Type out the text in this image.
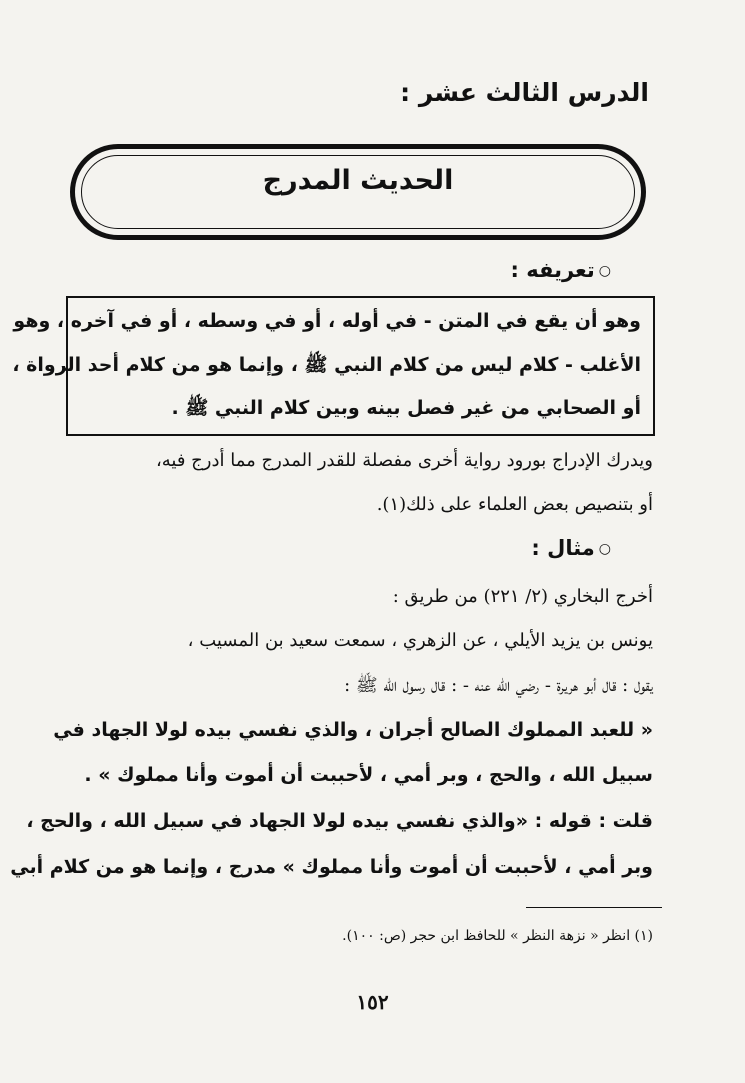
الدرس الثالث عشر :
الحديث المدرج
○تعريفه :
وهو أن يقع في المتن - في أوله ، أو في وسطه ، أو في آخره ، وهو
الأغلب - كلام ليس من كلام النبي ﷺ ، وإنما هو من كلام أحد الرواة ،
أو الصحابي من غير فصل بينه وبين كلام النبي ﷺ .
ويدرك الإدراج بورود رواية أخرى مفصلة للقدر المدرج مما أدرج فيه،
أو بتنصيص بعض العلماء على ذلك(١).
○مثال :
أخرج البخاري (٢/ ٢٢١) من طريق :
يونس بن يزيد الأيلي ، عن الزهري ، سمعت سعيد بن المسيب ،
يقول : قال أبو هريرة - رضي الله عنه - : قال رسول الله ﷺ :
« للعبد المملوك الصالح أجران ، والذي نفسي بيده لولا الجهاد في
سبيل الله ، والحج ، وبر أمي ، لأحببت أن أموت وأنا مملوك » .
قلت : قوله : «والذي نفسي بيده لولا الجهاد في سبيل الله ، والحج ،
وبر أمي ، لأحببت أن أموت وأنا مملوك » مدرج ، وإنما هو من كلام أبي
(١) انظر « نزهة النظر » للحافظ ابن حجر (ص: ١٠٠).
١٥٢
